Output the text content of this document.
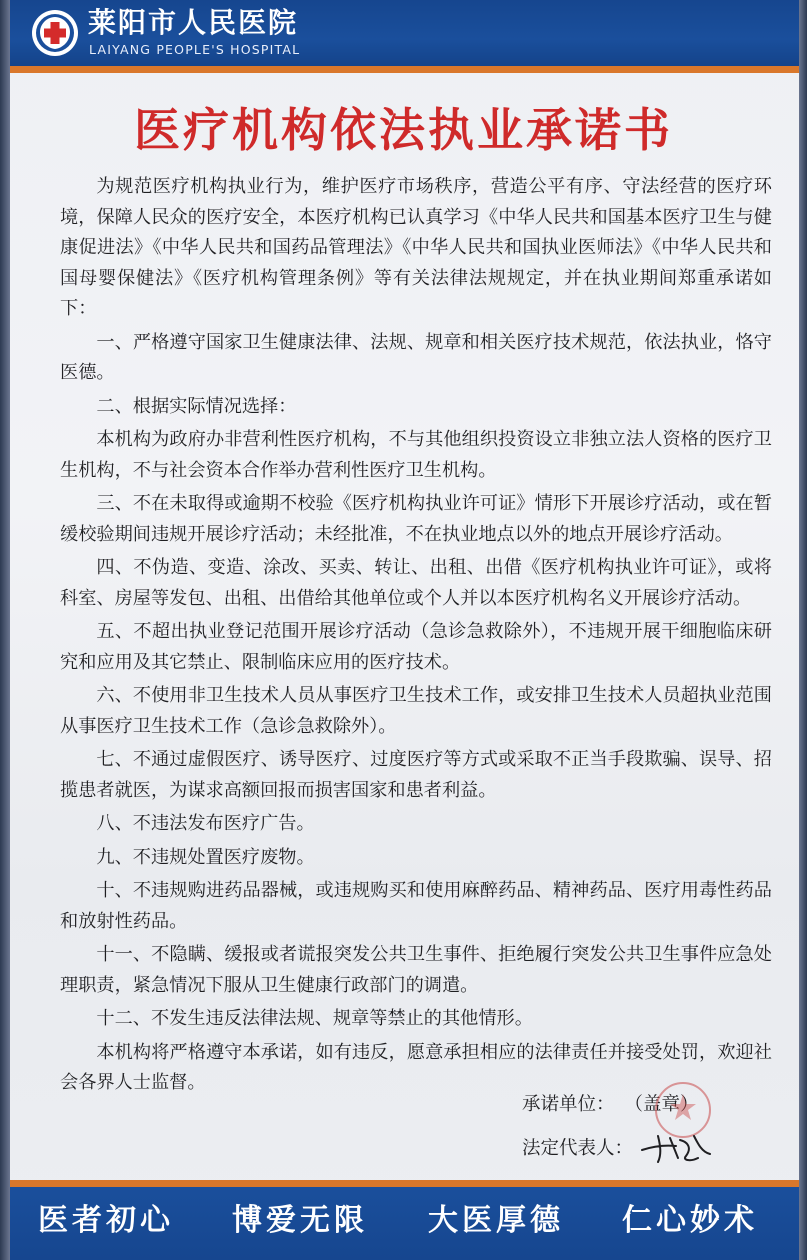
莱阳市人民医院
LAIYANG PEOPLE'S HOSPITAL
医疗机构依法执业承诺书

为规范医疗机构执业行为，维护医疗市场秩序，营造公平有序、守法经营的医疗环境，保障人民众的医疗安全，本医疗机构已认真学习《中华人民共和国基本医疗卫生与健康促进法》《中华人民共和国药品管理法》《中华人民共和国执业医师法》《中华人民共和国母婴保健法》《医疗机构管理条例》等有关法律法规规定，并在执业期间郑重承诺如下：

一、严格遵守国家卫生健康法律、法规、规章和相关医疗技术规范，依法执业，恪守医德。

二、根据实际情况选择：

本机构为政府办非营利性医疗机构，不与其他组织投资设立非独立法人资格的医疗卫生机构，不与社会资本合作举办营利性医疗卫生机构。

三、不在未取得或逾期不校验《医疗机构执业许可证》情形下开展诊疗活动，或在暂缓校验期间违规开展诊疗活动；未经批准，不在执业地点以外的地点开展诊疗活动。

四、不伪造、变造、涂改、买卖、转让、出租、出借《医疗机构执业许可证》，或将科室、房屋等发包、出租、出借给其他单位或个人并以本医疗机构名义开展诊疗活动。

五、不超出执业登记范围开展诊疗活动（急诊急救除外），不违规开展干细胞临床研究和应用及其它禁止、限制临床应用的医疗技术。

六、不使用非卫生技术人员从事医疗卫生技术工作，或安排卫生技术人员超执业范围从事医疗卫生技术工作（急诊急救除外）。

七、不通过虚假医疗、诱导医疗、过度医疗等方式或采取不正当手段欺骗、误导、招揽患者就医，为谋求高额回报而损害国家和患者利益。

八、不违法发布医疗广告。

九、不违规处置医疗废物。

十、不违规购进药品器械，或违规购买和使用麻醉药品、精神药品、医疗用毒性药品和放射性药品。

十一、不隐瞒、缓报或者谎报突发公共卫生事件、拒绝履行突发公共卫生事件应急处理职责，紧急情况下服从卫生健康行政部门的调遣。

十二、不发生违反法律法规、规章等禁止的其他情形。

本机构将严格遵守本承诺，如有违反，愿意承担相应的法律责任并接受处罚，欢迎社会各界人士监督。

承诺单位： （盖章）
法定代表人：
医者初心 博爱无限 大医厚德 仁心妙术
